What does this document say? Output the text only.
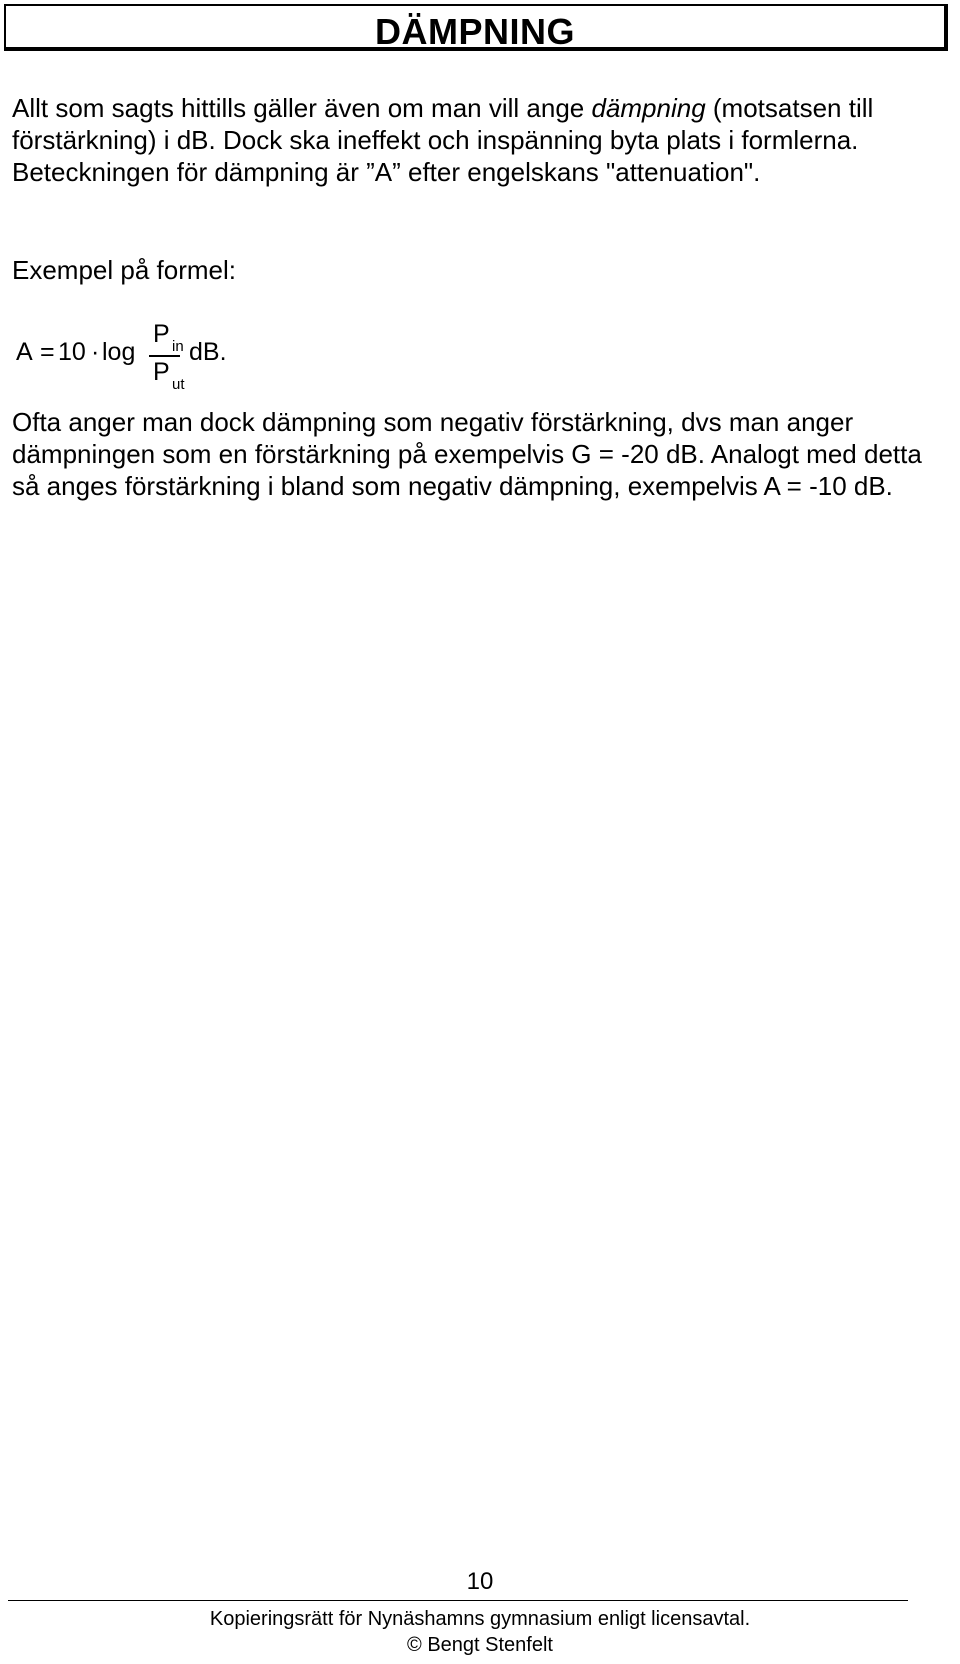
DÄMPNING
Allt som sagts hittills gäller även om man vill ange dämpning (motsatsen till förstärkning) i dB. Dock ska ineffekt och inspänning byta plats i formlerna. Beteckningen för dämpning är ”A” efter engelskans "attenuation".
Exempel på formel:
A = 10 · log
P in
P ut
dB.
Ofta anger man dock dämpning som negativ förstärkning, dvs man anger dämpningen som en förstärkning på exempelvis G = -20 dB. Analogt med detta så anges förstärkning i bland som negativ dämpning, exempelvis A = -10 dB.
10
Kopieringsrätt för Nynäshamns gymnasium enligt licensavtal.
© Bengt Stenfelt
